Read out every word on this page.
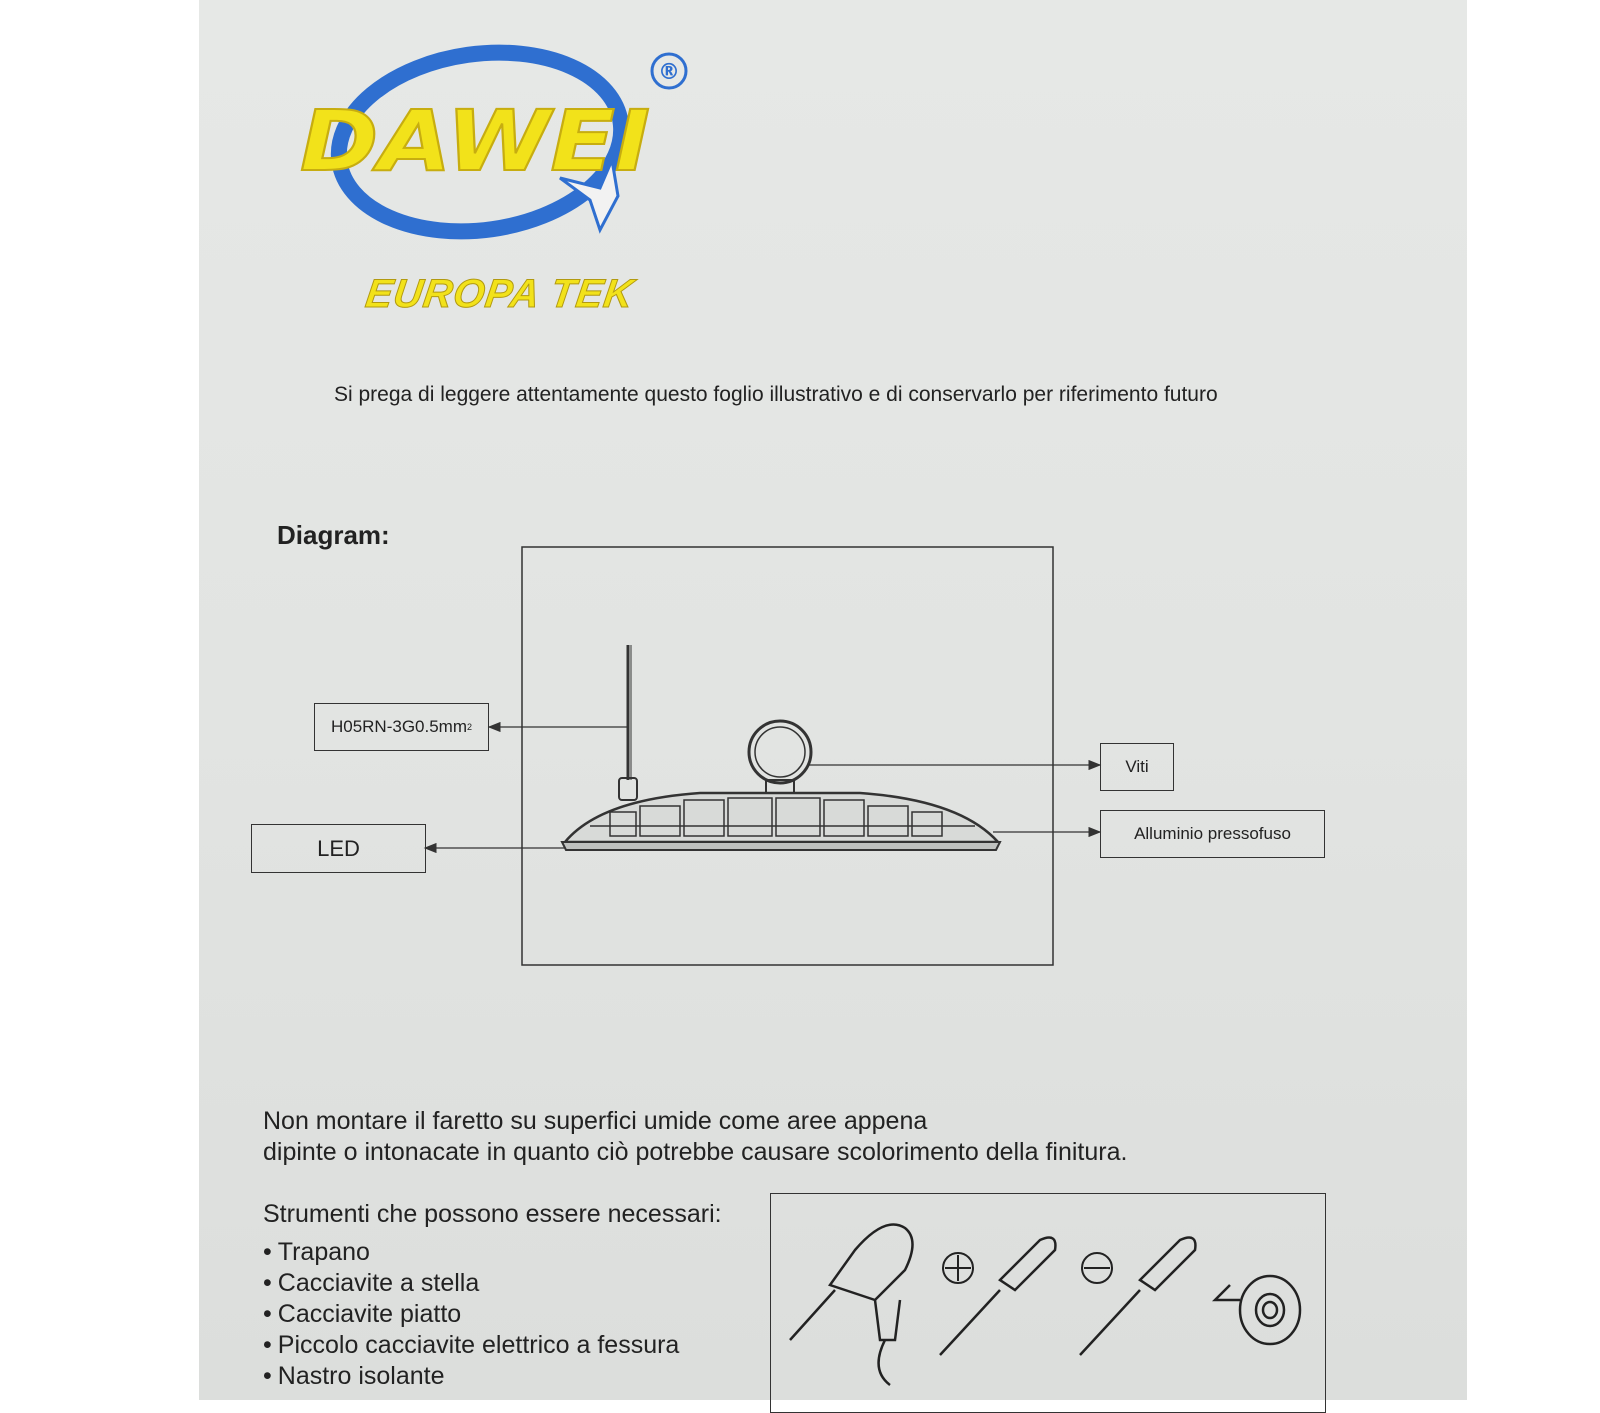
DAWEI
®
EUROPA TEK
Si prega di leggere attentamente questo foglio illustrativo e di conservarlo per riferimento futuro
Diagram:
H05RN-3G0.5mm 2
LED
Viti
Alluminio pressofuso
Non montare il faretto su superfici umide come aree appena
dipinte o intonacate in quanto ciò potrebbe causare scolorimento della finitura.
Strumenti che possono essere necessari:
• Trapano
• Cacciavite a stella
• Cacciavite piatto
• Piccolo cacciavite elettrico a fessura
• Nastro isolante
